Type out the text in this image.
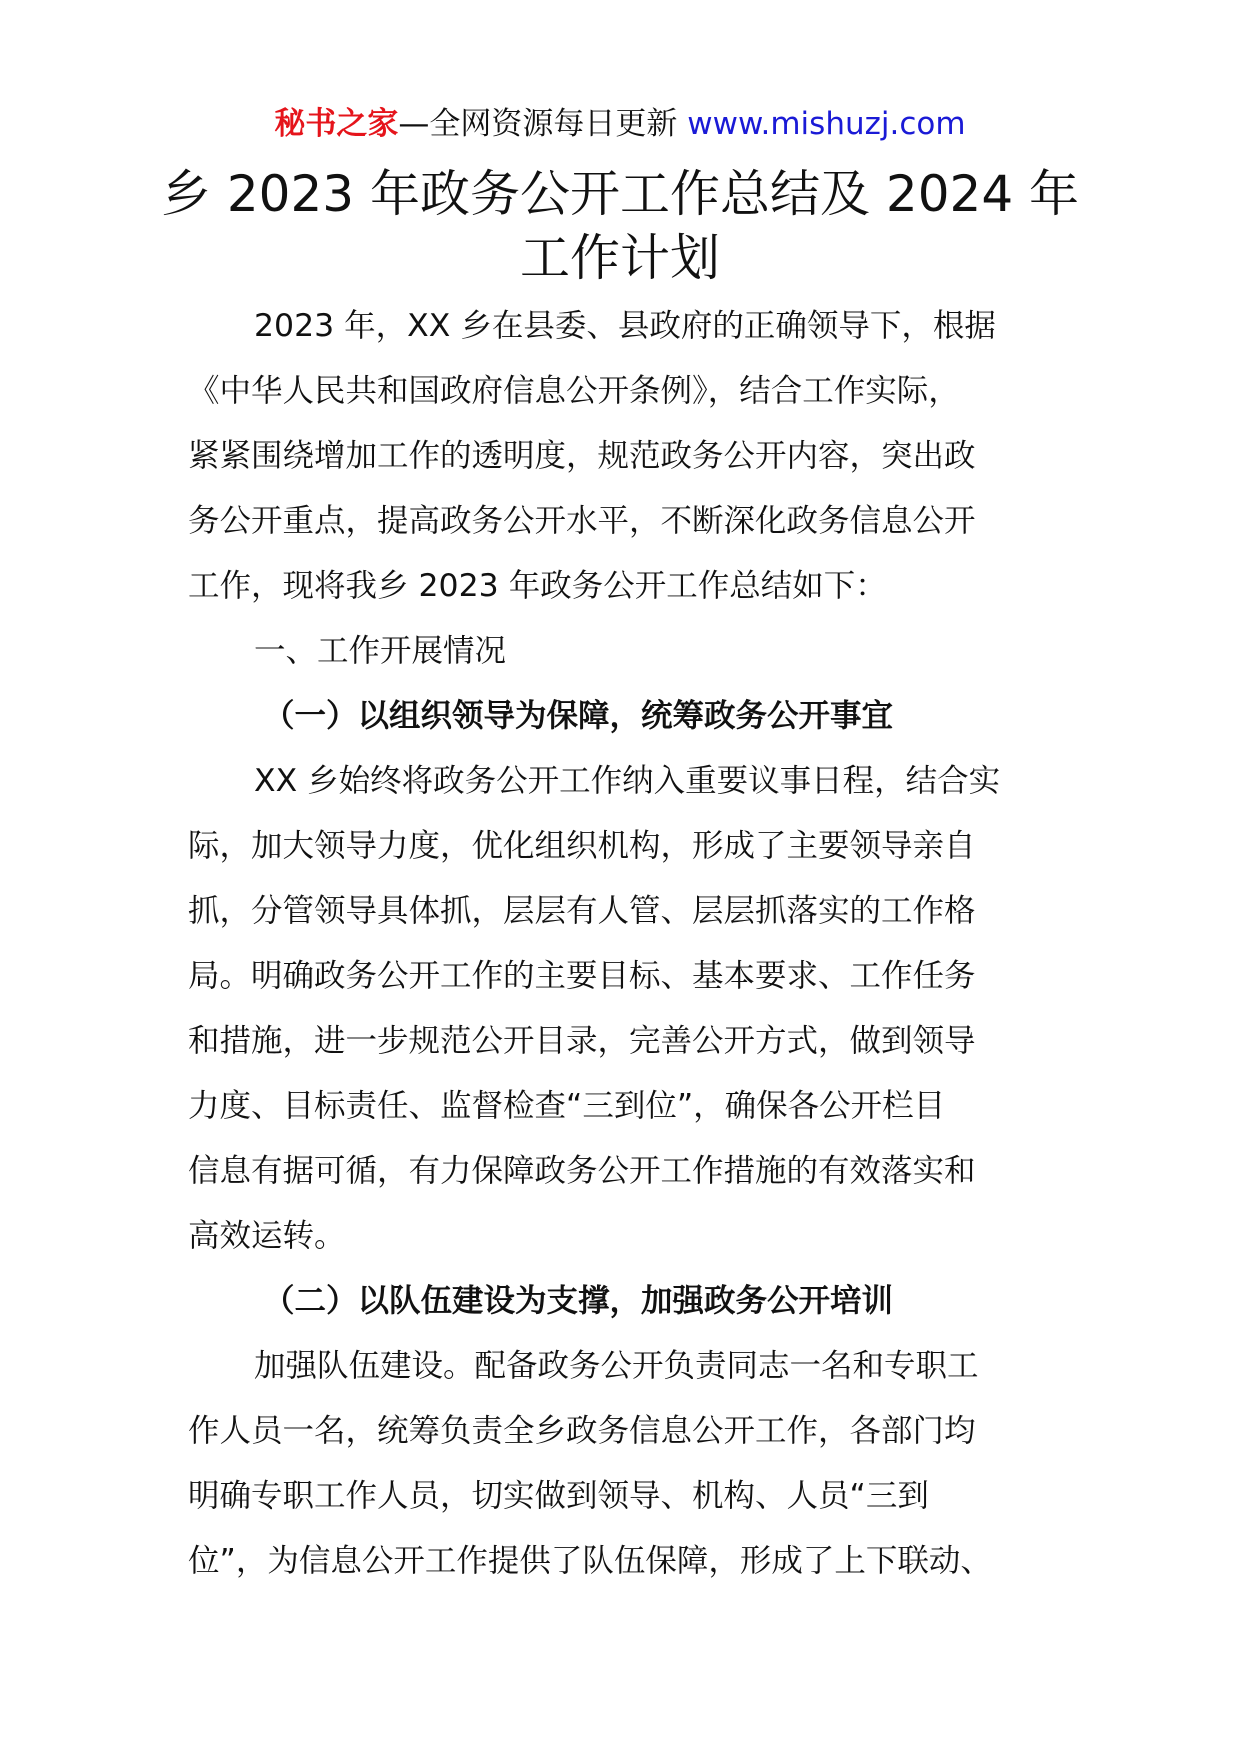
秘书之家—全网资源每日更新 www.mishuzj.com
乡 2023 年政务公开工作总结及 2024 年
工作计划
2023 年，XX 乡在县委、县政府的正确领导下，根据
《中华人民共和国政府信息公开条例》，结合工作实际，
紧紧围绕增加工作的透明度，规范政务公开内容，突出政
务公开重点，提高政务公开水平，不断深化政务信息公开
工作，现将我乡 2023 年政务公开工作总结如下：
一、工作开展情况
（一）以组织领导为保障，统筹政务公开事宜
XX 乡始终将政务公开工作纳入重要议事日程，结合实
际，加大领导力度，优化组织机构，形成了主要领导亲自
抓，分管领导具体抓，层层有人管、层层抓落实的工作格
局。明确政务公开工作的主要目标、基本要求、工作任务
和措施，进一步规范公开目录，完善公开方式，做到领导
力度、目标责任、监督检查“三到位”，确保各公开栏目
信息有据可循，有力保障政务公开工作措施的有效落实和
高效运转。
（二）以队伍建设为支撑，加强政务公开培训
加强队伍建设。配备政务公开负责同志一名和专职工
作人员一名，统筹负责全乡政务信息公开工作，各部门均
明确专职工作人员，切实做到领导、机构、人员“三到
位”，为信息公开工作提供了队伍保障，形成了上下联动、
